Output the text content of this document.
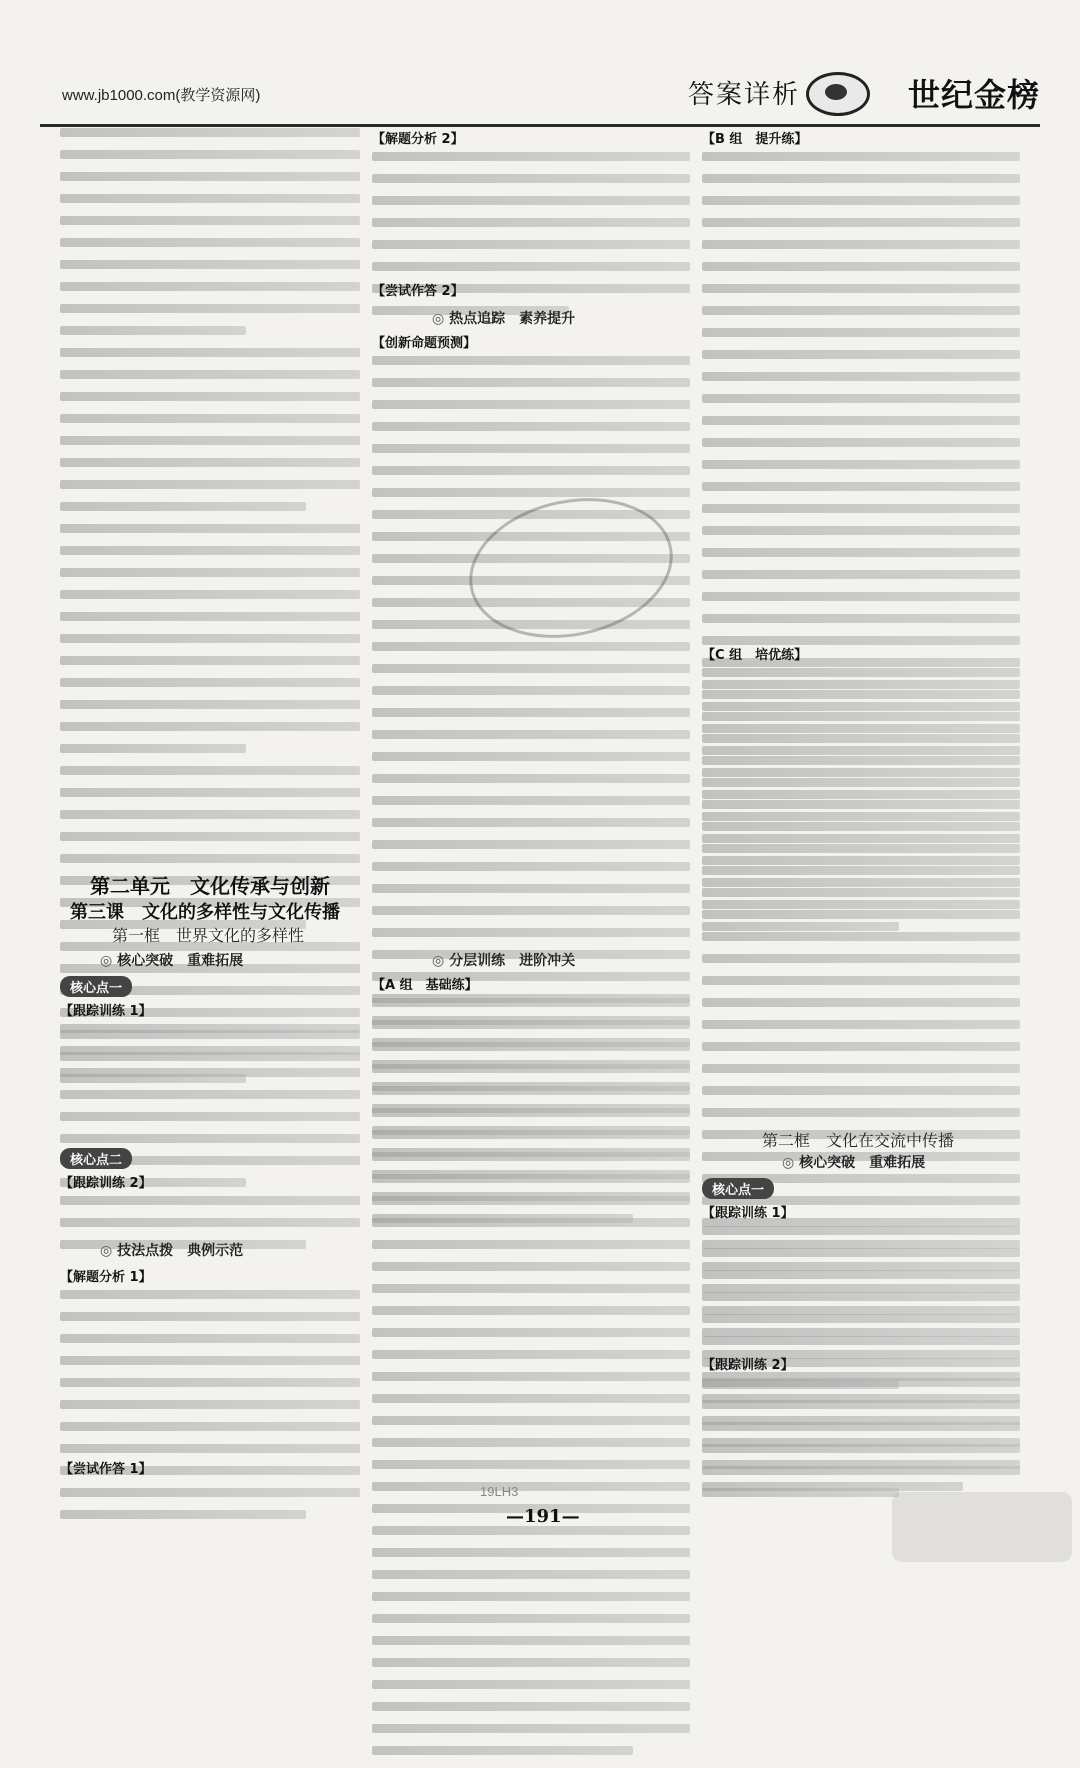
www.jb1000.com(教学资源网)	答案详析	世纪金榜
第二单元　文化传承与创新
第三课　文化的多样性与文化传播
第一框　世界文化的多样性
◎ 核心突破　重难拓展
核心点一
【跟踪训练 1】
核心点二
【跟踪训练 2】
◎ 技法点拨　典例示范
【解题分析 1】
【尝试作答 1】
【解题分析 2】
【尝试作答 2】
◎ 热点追踪　素养提升
【创新命题预测】
◎ 分层训练　进阶冲关
【A 组　基础练】
【B 组　提升练】
【C 组　培优练】
第二框　文化在交流中传播
◎ 核心突破　重难拓展
核心点一
【跟踪训练 1】
【跟踪训练 2】
19LH3
—191—
